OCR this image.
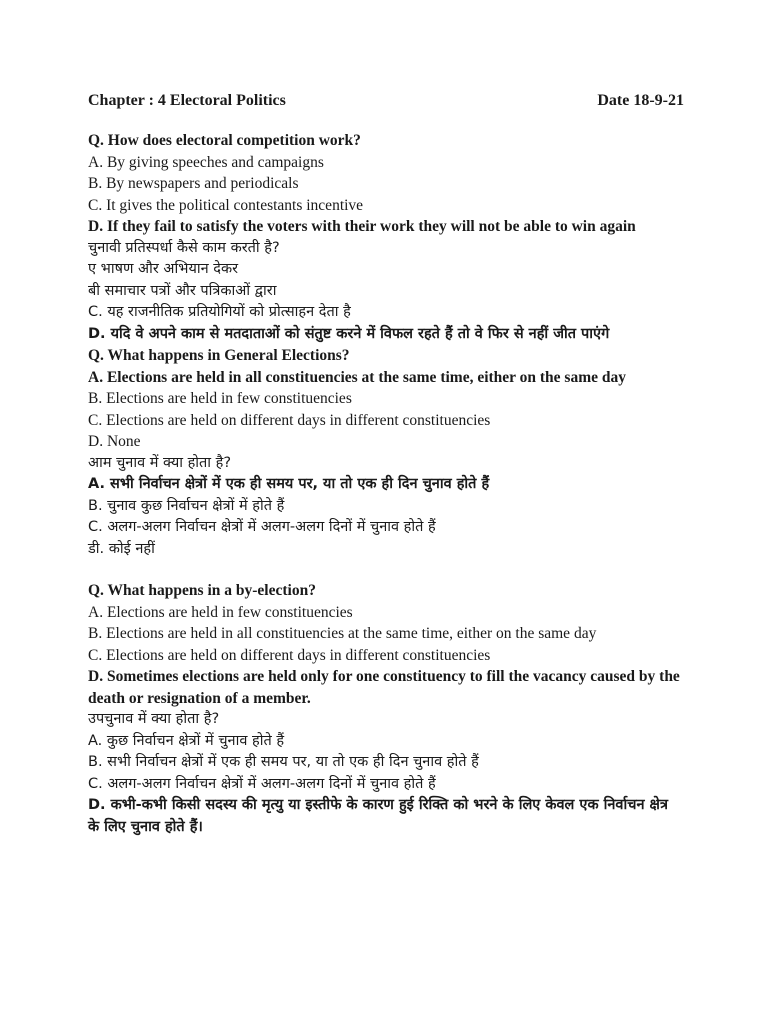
Chapter : 4 Electoral Politics	Date 18-9-21

Q. How does electoral competition work?

A. By giving speeches and campaigns

B. By newspapers and periodicals

C. It gives the political contestants incentive

D. If they fail to satisfy the voters with their work they will not be able to win again

चुनावी प्रतिस्पर्धा कैसे काम करती है?

ए भाषण और अभियान देकर

बी समाचार पत्रों और पत्रिकाओं द्वारा

C. यह राजनीतिक प्रतियोगियों को प्रोत्साहन देता है

D. यदि वे अपने काम से मतदाताओं को संतुष्ट करने में विफल रहते हैं तो वे फिर से नहीं जीत पाएंगे

Q. What happens in General Elections?

A. Elections are held in all constituencies at the same time, either on the same day

B. Elections are held in few constituencies

C. Elections are held on different days in different constituencies

D. None

आम चुनाव में क्या होता है?

A. सभी निर्वाचन क्षेत्रों में एक ही समय पर, या तो एक ही दिन चुनाव होते हैं

B. चुनाव कुछ निर्वाचन क्षेत्रों में होते हैं

C. अलग-अलग निर्वाचन क्षेत्रों में अलग-अलग दिनों में चुनाव होते हैं

डी. कोई नहीं

Q. What happens in a by-election?

A. Elections are held in few constituencies

B. Elections are held in all constituencies at the same time, either on the same day

C. Elections are held on different days in different constituencies

D. Sometimes elections are held only for one constituency to fill the vacancy caused by the death or resignation of a member.

उपचुनाव में क्या होता है?

A. कुछ निर्वाचन क्षेत्रों में चुनाव होते हैं

B. सभी निर्वाचन क्षेत्रों में एक ही समय पर, या तो एक ही दिन चुनाव होते हैं

C. अलग-अलग निर्वाचन क्षेत्रों में अलग-अलग दिनों में चुनाव होते हैं

D. कभी-कभी किसी सदस्य की मृत्यु या इस्तीफे के कारण हुई रिक्ति को भरने के लिए केवल एक निर्वाचन क्षेत्र के लिए चुनाव होते हैं।
